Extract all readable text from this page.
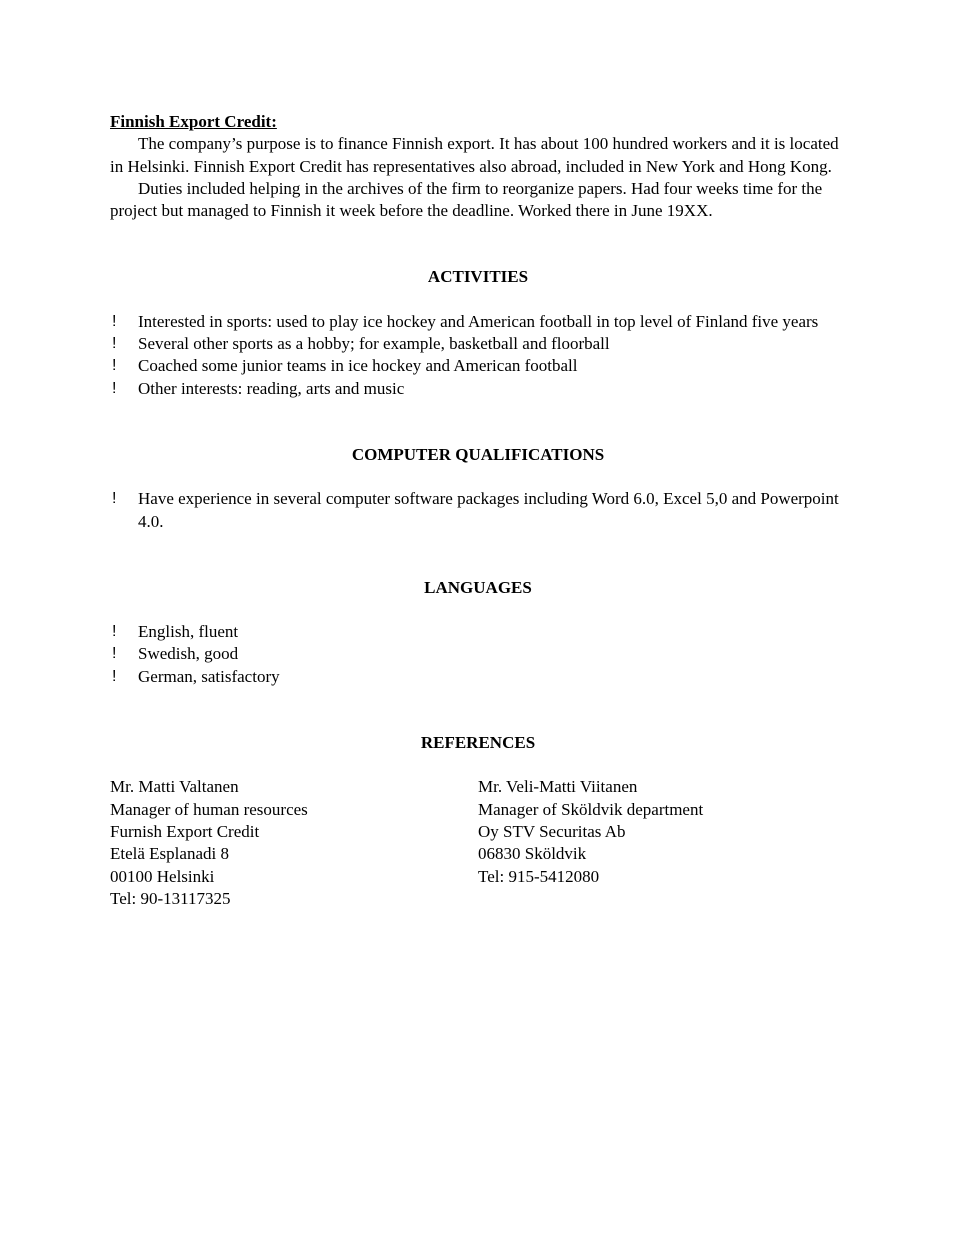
Finnish Export Credit:

The company’s purpose is to finance Finnish export. It has about 100 hundred workers and it is located in Helsinki. Finnish Export Credit has representatives also abroad, included in New York and Hong Kong.

Duties included helping in the archives of the firm to reorganize papers. Had four weeks time for the project but managed to Finnish it week before the deadline. Worked there in June 19XX.

ACTIVITIES
! Interested in sports: used to play ice hockey and American football in top level of Finland five years
! Several other sports as a hobby; for example, basketball and floorball
! Coached some junior teams in ice hockey and American football
! Other interests: reading, arts and music
COMPUTER QUALIFICATIONS
! Have experience in several computer software packages including Word 6.0, Excel 5,0 and Powerpoint 4.0.
LANGUAGES
! English, fluent
! Swedish, good
! German, satisfactory
REFERENCES
Mr. Matti Valtanen
Manager of human resources
Furnish Export Credit
Etelä Esplanadi 8
00100 Helsinki
Tel: 90-13117325
Mr. Veli-Matti Viitanen
Manager of Sköldvik department
Oy STV Securitas Ab
06830 Sköldvik
Tel: 915-5412080
